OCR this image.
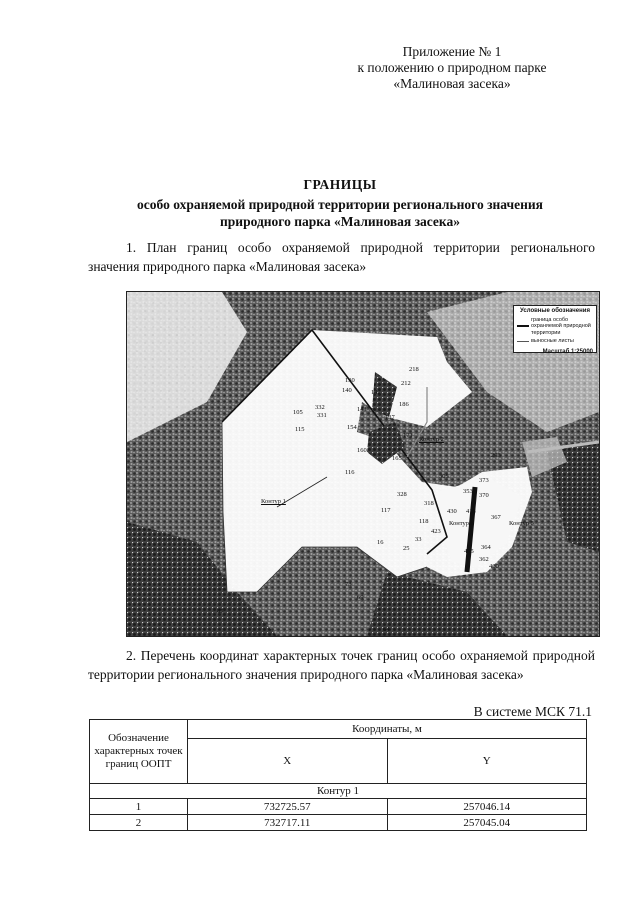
Приложение № 1
к положению о природном парке
«Малиновая засека»
ГРАНИЦЫ
особо охраняемой природной территории регионального значения
природного парка «Малиновая засека»
1. План границ особо охраняемой природной территории регионального значения природного парка «Малиновая засека»
Условные обозначения
граница особо охраняемой природной территории
выносные листы
Масштаб 1:25000
Контур 1
Контур 2
Контур 5
Контур 6
218
212
130
140	142
186
141
137
332
331
105
115	154
171
160
165
116
293
305
373
353
370
328
318
430 413
367
117
118
423
33
16
25	415
362
364
400
73
69
64
85
2. Перечень координат характерных точек границ особо охраняемой природной территории регионального значения природного парка «Малиновая засека»
В системе МСК 71.1
Обозначение характерных точек границ ООПТ	Координаты, м	
	X	Y
Контур 1		
1	732725.57	257046.14
2	732717.11	257045.04
